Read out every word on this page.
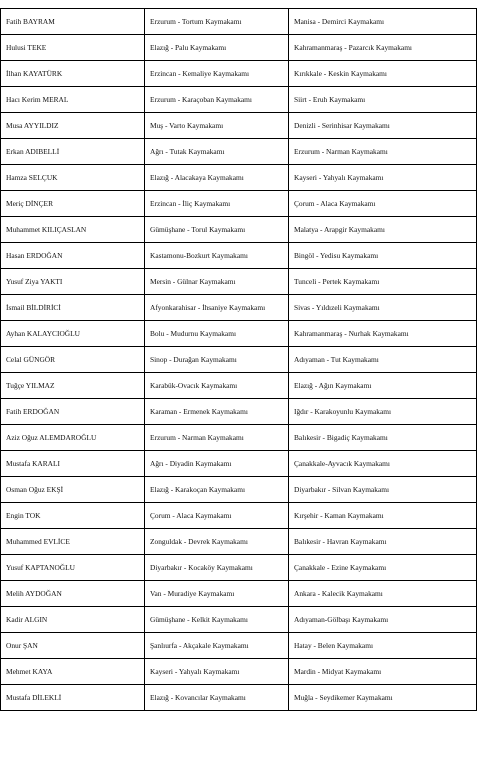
Fatih BAYRAM	Erzurum - Tortum Kaymakamı	Manisa - Demirci Kaymakamı
Hulusi TEKE	Elazığ - Palu Kaymakamı	Kahramanmaraş - Pazarcık Kaymakamı
İlhan KAYATÜRK	Erzincan - Kemaliye Kaymakamı	Kırıkkale - Keskin Kaymakamı
Hacı Kerim MERAL	Erzurum - Karaçoban Kaymakamı	Siirt - Eruh Kaymakamı
Musa AYYILDIZ	Muş - Varto Kaymakamı	Denizli - Serinhisar Kaymakamı
Erkan ADIBELLİ	Ağrı - Tutak Kaymakamı	Erzurum - Narman Kaymakamı
Hamza SELÇUK	Elazığ - Alacakaya Kaymakamı	Kayseri - Yahyalı Kaymakamı
Meriç DİNÇER	Erzincan - İliç Kaymakamı	Çorum - Alaca Kaymakamı
Muhammet KILIÇASLAN	Gümüşhane - Torul Kaymakamı	Malatya - Arapgir Kaymakamı
Hasan ERDOĞAN	Kastamonu-Bozkurt Kaymakamı	Bingöl - Yedisu Kaymakamı
Yusuf Ziya YAKTI	Mersin - Gülnar Kaymakamı	Tunceli - Pertek Kaymakamı
İsmail BİLDİRİCİ	Afyonkarahisar - İhsaniye Kaymakamı	Sivas - Yıldızeli Kaymakamı
Ayhan KALAYCIOĞLU	Bolu - Mudurnu Kaymakamı	Kahramanmaraş - Nurhak Kaymakamı
Celal GÜNGÖR	Sinop - Durağan Kaymakamı	Adıyaman - Tut Kaymakamı
Tuğçe YILMAZ	Karabük-Ovacık Kaymakamı	Elazığ - Ağın Kaymakamı
Fatih ERDOĞAN	Karaman - Ermenek Kaymakamı	Iğdır - Karakoyunlu Kaymakamı
Aziz Oğuz ALEMDAROĞLU	Erzurum - Narman Kaymakamı	Balıkesir - Bigadiç Kaymakamı
Mustafa KARALI	Ağrı - Diyadin Kaymakamı	Çanakkale-Ayvacık Kaymakamı
Osman Oğuz EKŞİ	Elazığ - Karakoçan Kaymakamı	Diyarbakır - Silvan Kaymakamı
Engin TOK	Çorum - Alaca Kaymakamı	Kırşehir - Kaman Kaymakamı
Muhammed EVLİCE	Zonguldak - Devrek Kaymakamı	Balıkesir - Havran Kaymakamı
Yusuf KAPTANOĞLU	Diyarbakır - Kocaköy Kaymakamı	Çanakkale - Ezine Kaymakamı
Melih AYDOĞAN	Van - Muradiye Kaymakamı	Ankara - Kalecik Kaymakamı
Kadir ALGIN	Gümüşhane - Kelkit Kaymakamı	Adıyaman-Gölbaşı Kaymakamı
Onur ŞAN	Şanlıurfa - Akçakale Kaymakamı	Hatay - Belen Kaymakamı
Mehmet KAYA	Kayseri - Yahyalı Kaymakamı	Mardin - Midyat Kaymakamı
Mustafa DİLEKLİ	Elazığ - Kovancılar Kaymakamı	Muğla - Seydikemer Kaymakamı
